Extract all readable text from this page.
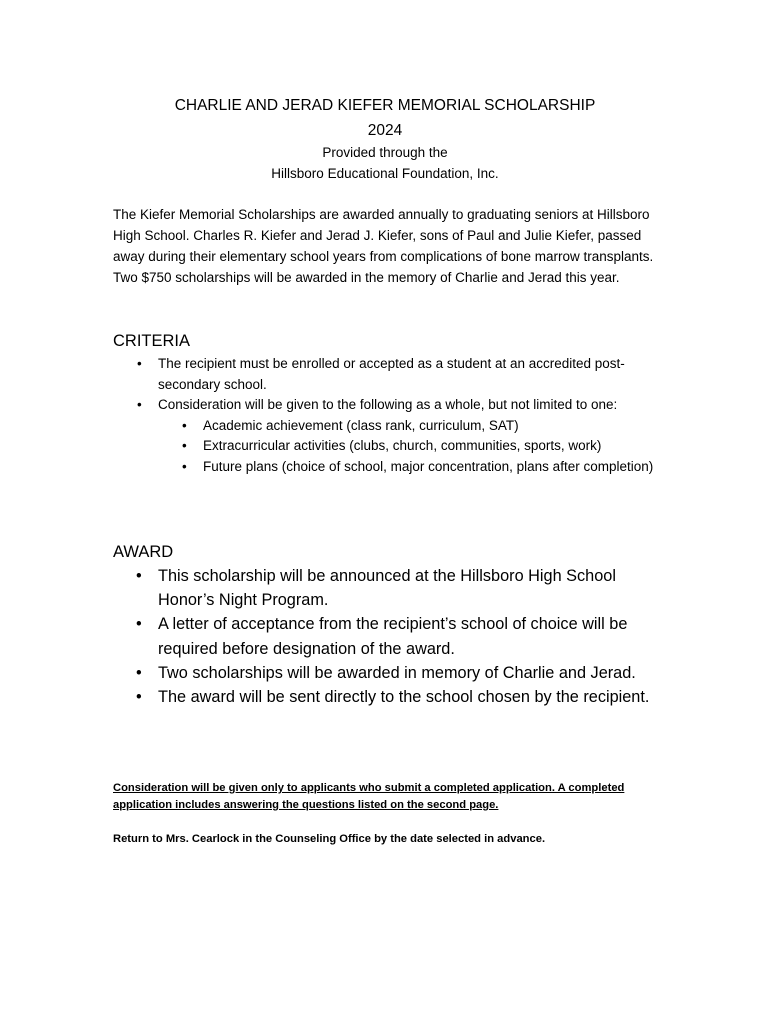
CHARLIE AND JERAD KIEFER MEMORIAL SCHOLARSHIP
2024
Provided through the
Hillsboro Educational Foundation, Inc.

The Kiefer Memorial Scholarships are awarded annually to graduating seniors at Hillsboro High School. Charles R. Kiefer and Jerad J. Kiefer, sons of Paul and Julie Kiefer, passed away during their elementary school years from complications of bone marrow transplants. Two $750 scholarships will be awarded in the memory of Charlie and Jerad this year.

CRITERIA
• The recipient must be enrolled or accepted as a student at an accredited post-secondary school.
• Consideration will be given to the following as a whole, but not limited to one:
• Academic achievement (class rank, curriculum, SAT)
• Extracurricular activities (clubs, church, communities, sports, work)
• Future plans (choice of school, major concentration, plans after completion)
AWARD
• This scholarship will be announced at the Hillsboro High School Honor’s Night Program.
• A letter of acceptance from the recipient’s school of choice will be required before designation of the award.
• Two scholarships will be awarded in memory of Charlie and Jerad.
• The award will be sent directly to the school chosen by the recipient.

Consideration will be given only to applicants who submit a completed application. A completed application includes answering the questions listed on the second page.

Return to Mrs. Cearlock in the Counseling Office by the date selected in advance.
